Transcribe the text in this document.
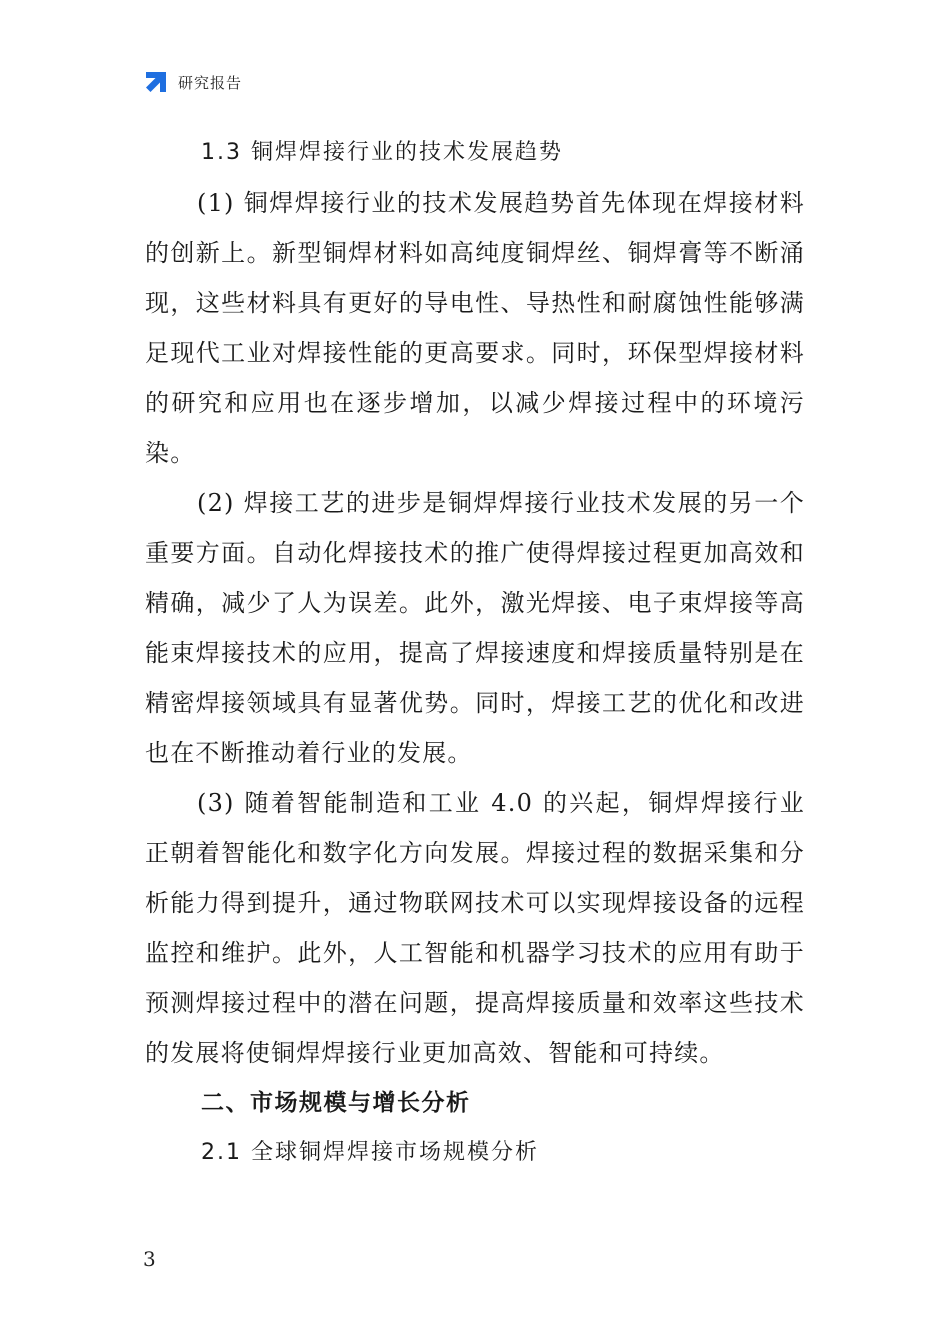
研究报告
1.3 铜焊焊接行业的技术发展趋势

(1) 铜焊焊接行业的技术发展趋势首先体现在焊接材料的创新上。新型铜焊材料如高纯度铜焊丝、铜焊膏等不断涌现，这些材料具有更好的导电性、导热性和耐腐蚀性能够满足现代工业对焊接性能的更高要求。同时，环保型焊接材料的研究和应用也在逐步增加，以减少焊接过程中的环境污染。

(2) 焊接工艺的进步是铜焊焊接行业技术发展的另一个重要方面。自动化焊接技术的推广使得焊接过程更加高效和精确，减少了人为误差。此外，激光焊接、电子束焊接等高能束焊接技术的应用，提高了焊接速度和焊接质量特别是在精密焊接领域具有显著优势。同时，焊接工艺的优化和改进也在不断推动着行业的发展。

(3) 随着智能制造和工业 4.0 的兴起，铜焊焊接行业正朝着智能化和数字化方向发展。焊接过程的数据采集和分析能力得到提升，通过物联网技术可以实现焊接设备的远程监控和维护。此外，人工智能和机器学习技术的应用有助于预测焊接过程中的潜在问题，提高焊接质量和效率这些技术的发展将使铜焊焊接行业更加高效、智能和可持续。

二、市场规模与增长分析
2.1 全球铜焊焊接市场规模分析
3
